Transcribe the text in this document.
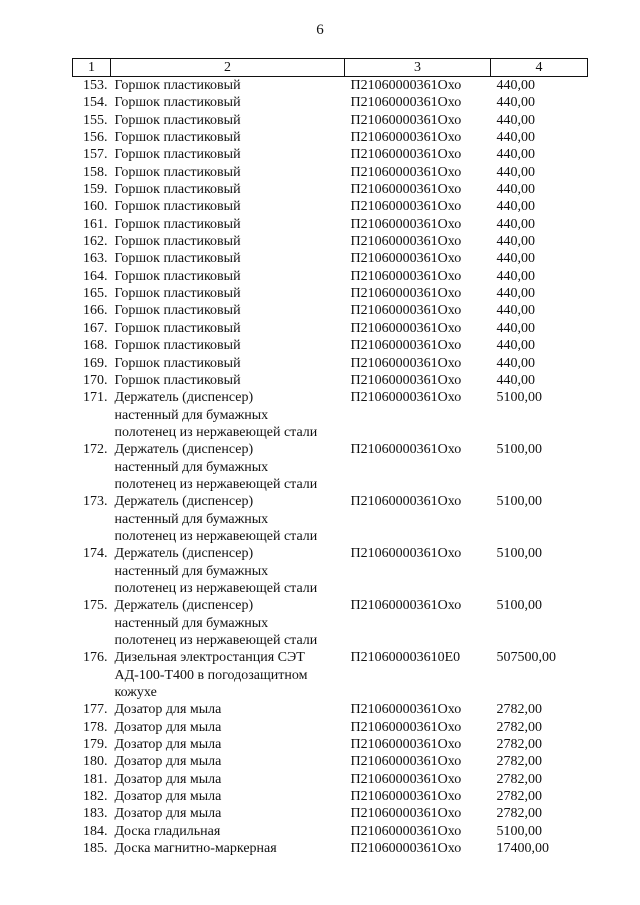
6
1	2	3	4
153.	Горшок пластиковый	П21060000361Охо	440,00
154.	Горшок пластиковый	П21060000361Охо	440,00
155.	Горшок пластиковый	П21060000361Охо	440,00
156.	Горшок пластиковый	П21060000361Охо	440,00
157.	Горшок пластиковый	П21060000361Охо	440,00
158.	Горшок пластиковый	П21060000361Охо	440,00
159.	Горшок пластиковый	П21060000361Охо	440,00
160.	Горшок пластиковый	П21060000361Охо	440,00
161.	Горшок пластиковый	П21060000361Охо	440,00
162.	Горшок пластиковый	П21060000361Охо	440,00
163.	Горшок пластиковый	П21060000361Охо	440,00
164.	Горшок пластиковый	П21060000361Охо	440,00
165.	Горшок пластиковый	П21060000361Охо	440,00
166.	Горшок пластиковый	П21060000361Охо	440,00
167.	Горшок пластиковый	П21060000361Охо	440,00
168.	Горшок пластиковый	П21060000361Охо	440,00
169.	Горшок пластиковый	П21060000361Охо	440,00
170.	Горшок пластиковый	П21060000361Охо	440,00
171.	Держатель (диспенсер)
настенный для бумажных
полотенец из нержавеющей стали	П21060000361Охо	5100,00
172.	Держатель (диспенсер)
настенный для бумажных
полотенец из нержавеющей стали	П21060000361Охо	5100,00
173.	Держатель (диспенсер)
настенный для бумажных
полотенец из нержавеющей стали	П21060000361Охо	5100,00
174.	Держатель (диспенсер)
настенный для бумажных
полотенец из нержавеющей стали	П21060000361Охо	5100,00
175.	Держатель (диспенсер)
настенный для бумажных
полотенец из нержавеющей стали	П21060000361Охо	5100,00
176.	Дизельная электростанция СЭТ
АД-100-Т400 в погодозащитном
кожухе	П210600003610Е0	507500,00
177.	Дозатор для мыла	П21060000361Охо	2782,00
178.	Дозатор для мыла	П21060000361Охо	2782,00
179.	Дозатор для мыла	П21060000361Охо	2782,00
180.	Дозатор для мыла	П21060000361Охо	2782,00
181.	Дозатор для мыла	П21060000361Охо	2782,00
182.	Дозатор для мыла	П21060000361Охо	2782,00
183.	Дозатор для мыла	П21060000361Охо	2782,00
184.	Доска гладильная	П21060000361Охо	5100,00
185.	Доска магнитно-маркерная	П21060000361Охо	17400,00
